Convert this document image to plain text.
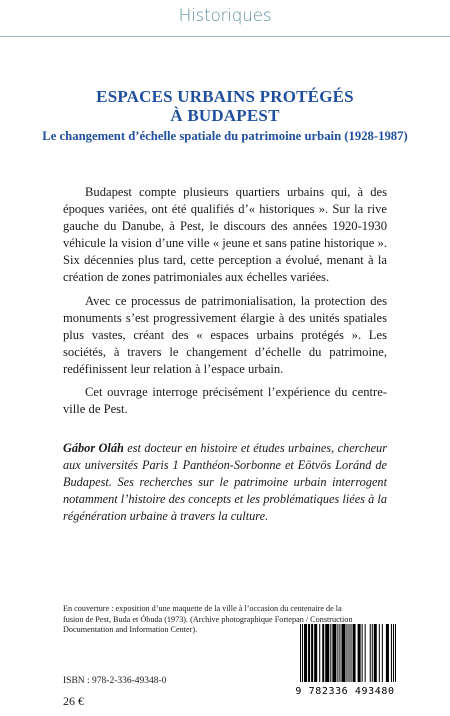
Historiques
ESPACES URBAINS PROTÉGÉS
À BUDAPEST
Le changement d’échelle spatiale du patrimoine urbain (1928-1987)

Budapest compte plusieurs quartiers urbains qui, à des époques variées, ont été qualifiés d’« historiques ». Sur la rive gauche du Danube, à Pest, le discours des années 1920-1930 véhicule la vision d’une ville « jeune et sans patine historique ». Six décennies plus tard, cette perception a évolué, menant à la création de zones patrimoniales aux échelles variées.

Avec ce processus de patrimonialisation, la protection des monuments s’est progressivement élargie à des unités spatiales plus vastes, créant des « espaces urbains protégés ». Les sociétés, à travers le changement d’échelle du patrimoine, redéfinissent leur relation à l’espace urbain.

Cet ouvrage interroge précisément l’expérience du centre-ville de Pest.

Gábor Oláh est docteur en histoire et études urbaines, chercheur aux universités Paris 1 Panthéon-Sorbonne et Eötvös Loránd de Budapest. Ses recherches sur le patrimoine urbain interrogent notamment l’histoire des concepts et les problématiques liées à la régénération urbaine à travers la culture.
En couverture : exposition d’une maquette de la ville à l’occasion du centenaire de la fusion de Pest, Buda et Óbuda (1973). (Archive photographique Fortepan / Construction Documentation and Information Center).
ISBN : 978-2-336-49348-0
26 €
9 782336 493480
